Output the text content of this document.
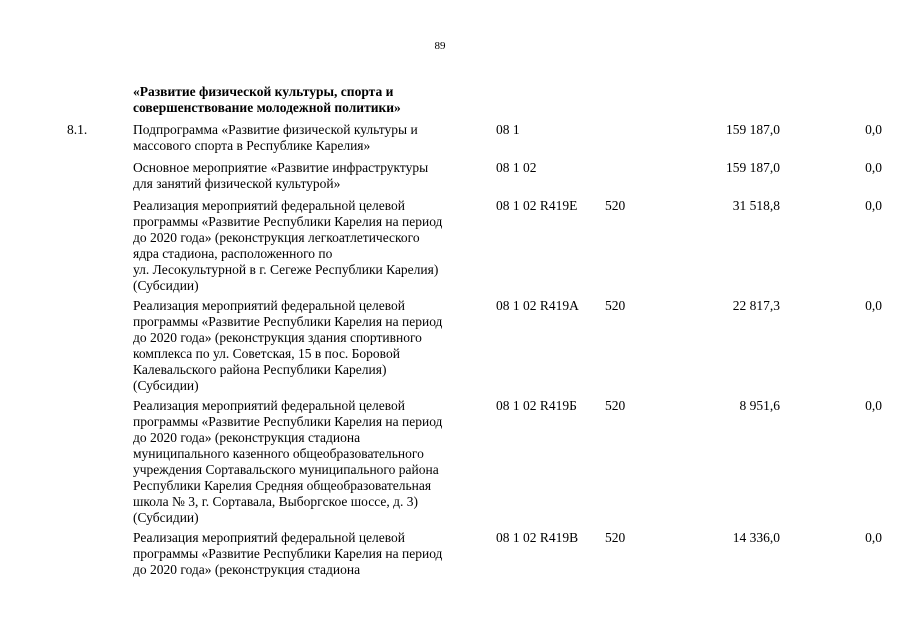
89
«Развитие физической культуры, спорта и
совершенствование молодежной политики»
8.1.	Подпрограмма «Развитие физической культуры и
массового спорта в Республике Карелия»
08 1	159 187,0	0,0
Основное мероприятие «Развитие инфраструктуры
для занятий физической культурой»
08 1 02	159 187,0	0,0
Реализация мероприятий федеральной целевой
программы «Развитие Республики Карелия на период
до 2020 года» (реконструкция легкоатлетического
ядра стадиона, расположенного по
ул. Лесокультурной в г. Сегеже Республики Карелия)
(Субсидии)
08 1 02 R419E 520	31 518,8	0,0
Реализация мероприятий федеральной целевой
программы «Развитие Республики Карелия на период
до 2020 года» (реконструкция здания спортивного
комплекса по ул. Советская, 15 в пос. Боровой
Калевальского района Республики Карелия)
(Субсидии)
08 1 02 R419A 520	22 817,3	0,0
Реализация мероприятий федеральной целевой
программы «Развитие Республики Карелия на период
до 2020 года» (реконструкция стадиона
муниципального казенного общеобразовательного
учреждения Сортавальского муниципального района
Республики Карелия Средняя общеобразовательная
школа № 3, г. Сортавала, Выборгское шоссе, д. 3)
(Субсидии)
08 1 02 R419Б 520	8 951,6	0,0
Реализация мероприятий федеральной целевой
программы «Развитие Республики Карелия на период
до 2020 года» (реконструкция стадиона
08 1 02 R419В 520	14 336,0	0,0
